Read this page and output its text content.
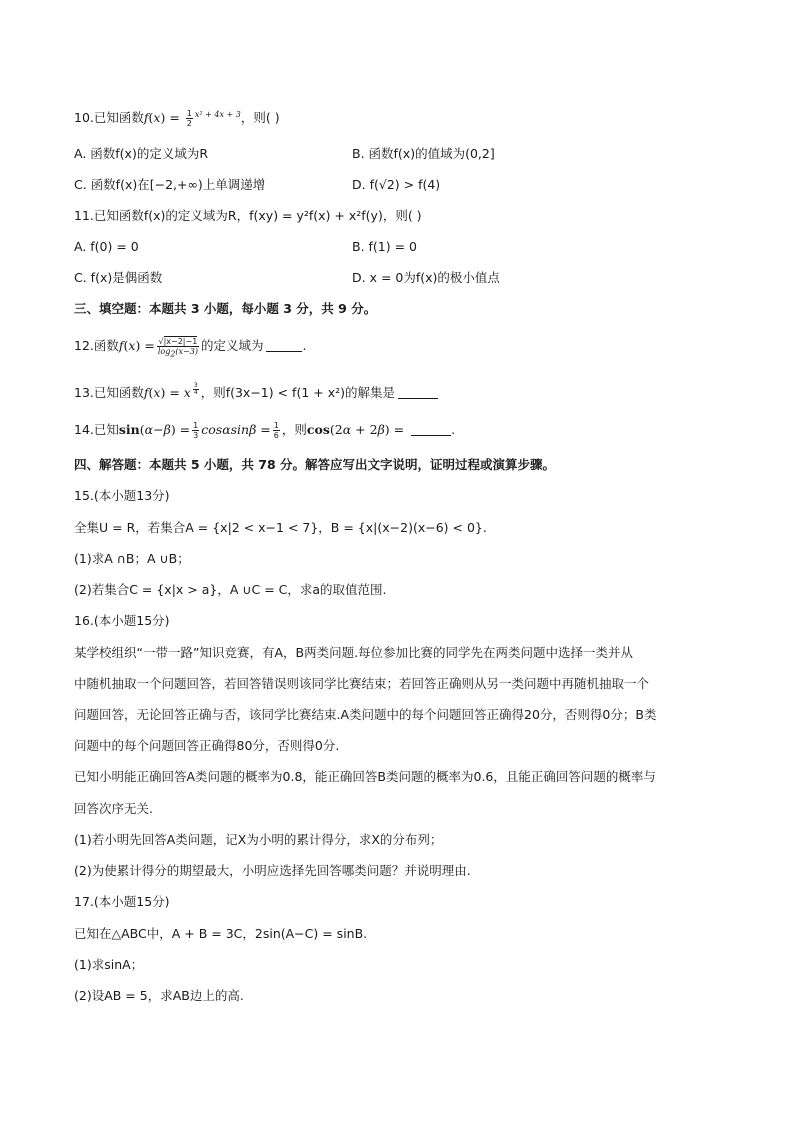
10.已知函数$f(x) = \frac{1}{2} ^{x^2 + 4x + 3}$，则( )
A. 函数f(x)的定义域为R	B. 函数f(x)的值域为(0,2]
C. 函数f(x)在[−2,+∞)上单调递增	D. f(√2) > f(4)
11.已知函数f(x)的定义域为R，f(xy) = y²f(x) + x²f(y)，则( )
A. f(0) = 0	B. f(1) = 0
C. f(x)是偶函数	D. x = 0为f(x)的极小值点
三、填空题：本题共 3 小题，每小题 3 分，共 9 分。
12.函数$f(x) = \frac{√|x-2|-1}{\log_2(x-3)}$ 的定义域为	.
13.已知函数f(x) = x $^{\frac{3}{4}}$ ，则f(3x−1) < f(1 + x²)的解集是
14.已知$\sin(\alpha-\beta) = \frac{1}{3}$ $\cos\alpha\sin\beta = \frac{1}{6}$ ，则cos(2α + 2β) =	.
四、解答题：本题共 5 小题，共 78 分。解答应写出文字说明，证明过程或演算步骤。
15.(本小题13分)
全集U = R，若集合A = {x|2 < x−1 < 7}，B = {x|(x−2)(x−6) < 0}.
(1)求A ∩B；A ∪B；
(2)若集合C = {x|x > a}，A ∪C = C，求a的取值范围.
16.(本小题15分)
某学校组织“一带一路”知识竞赛，有A，B两类问题.每位参加比赛的同学先在两类问题中选择一类并从
中随机抽取一个问题回答，若回答错误则该同学比赛结束；若回答正确则从另一类问题中再随机抽取一个
问题回答，无论回答正确与否，该同学比赛结束.A类问题中的每个问题回答正确得20分，否则得0分；B类
问题中的每个问题回答正确得80分，否则得0分.
已知小明能正确回答A类问题的概率为0.8，能正确回答B类问题的概率为0.6，且能正确回答问题的概率与
回答次序无关.
(1)若小明先回答A类问题，记X为小明的累计得分，求X的分布列；
(2)为使累计得分的期望最大，小明应选择先回答哪类问题？并说明理由.
17.(本小题15分)
已知在△ABC中，A + B = 3C，2sin(A−C) = sinB.
(1)求sinA；
(2)设AB = 5，求AB边上的高.
